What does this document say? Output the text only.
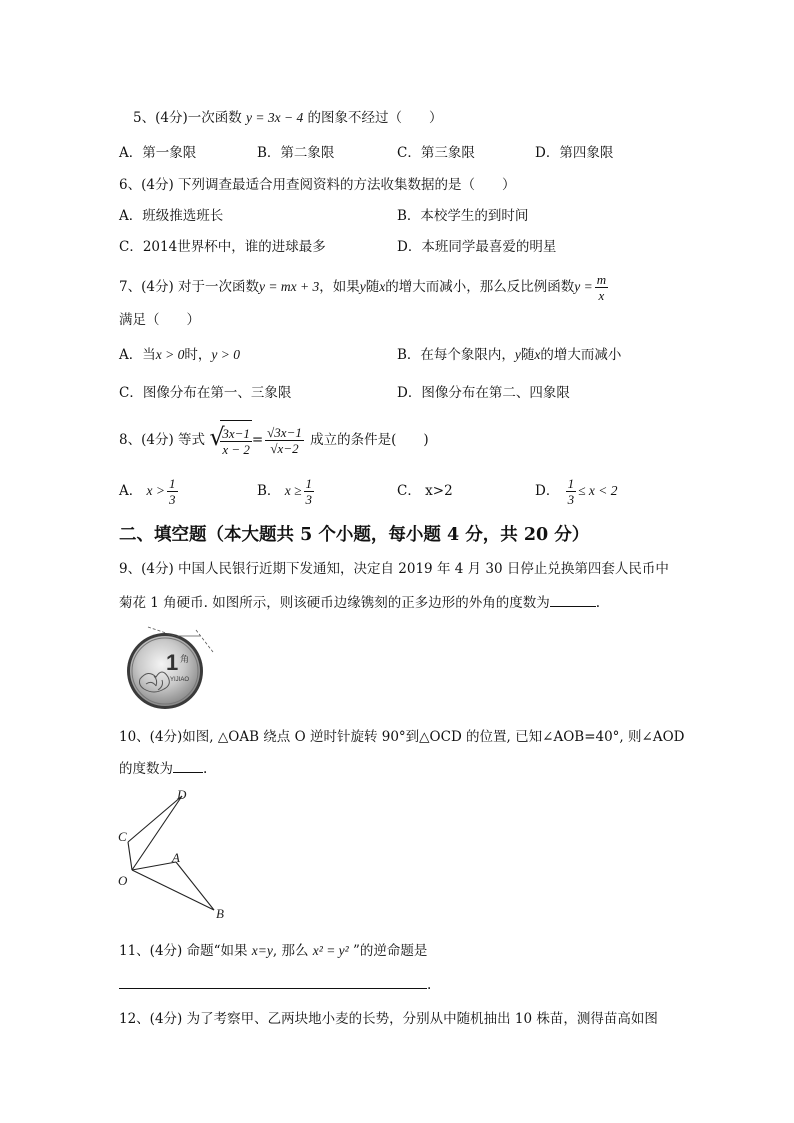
5、(4分)一次函数 y = 3x − 4 的图象不经过（　　）
A．第一象限	B．第二象限	C．第三象限	D．第四象限
6、(4分) 下列调查最适合用查阅资料的方法收集数据的是（　　）
A．班级推选班长	B．本校学生的到时间
C．2014世界杯中，谁的进球最多	D．本班同学最喜爱的明星
7、(4分) 对于一次函数y = mx + 3，如果y随x的增大而减小，那么反比例函数$y = \frac{m}{x}$
满足（　　）
A．当x > 0时，y > 0	B．在每个象限内，y随x的增大而减小
C．图像分布在第一、三象限	D．图像分布在第二、四象限
8、(4分) 等式 √
$\frac{3x-1}{x - 2} = \frac{√3x-1}{√x-2}$ 成立的条件是(　　)
A． $x > \frac{1}{3}$	B． $x \ge \frac{1}{3}$	C． x>2	D． $\frac{1}{3} \le x < 2$
二、填空题（本大题共 5 个小题，每小题 4 分，共 20 分）
9、(4分) 中国人民银行近期下发通知，决定自 2019 年 4 月 30 日停止兑换第四套人民币中
菊花 1 角硬币. 如图所示，则该硬币边缘镌刻的正多边形的外角的度数为	.
1 角
YIJIAO
10、(4分)如图, △OAB 绕点 O 逆时针旋转 90°到△OCD 的位置, 已知∠AOB=40°, 则∠AOD
的度数为 .
D
C
A
O
B
11、(4分) 命题“如果 x=y, 那么 x² = y² ”的逆命题是
.
12、(4分) 为了考察甲、乙两块地小麦的长势，分别从中随机抽出 10 株苗，测得苗高如图
